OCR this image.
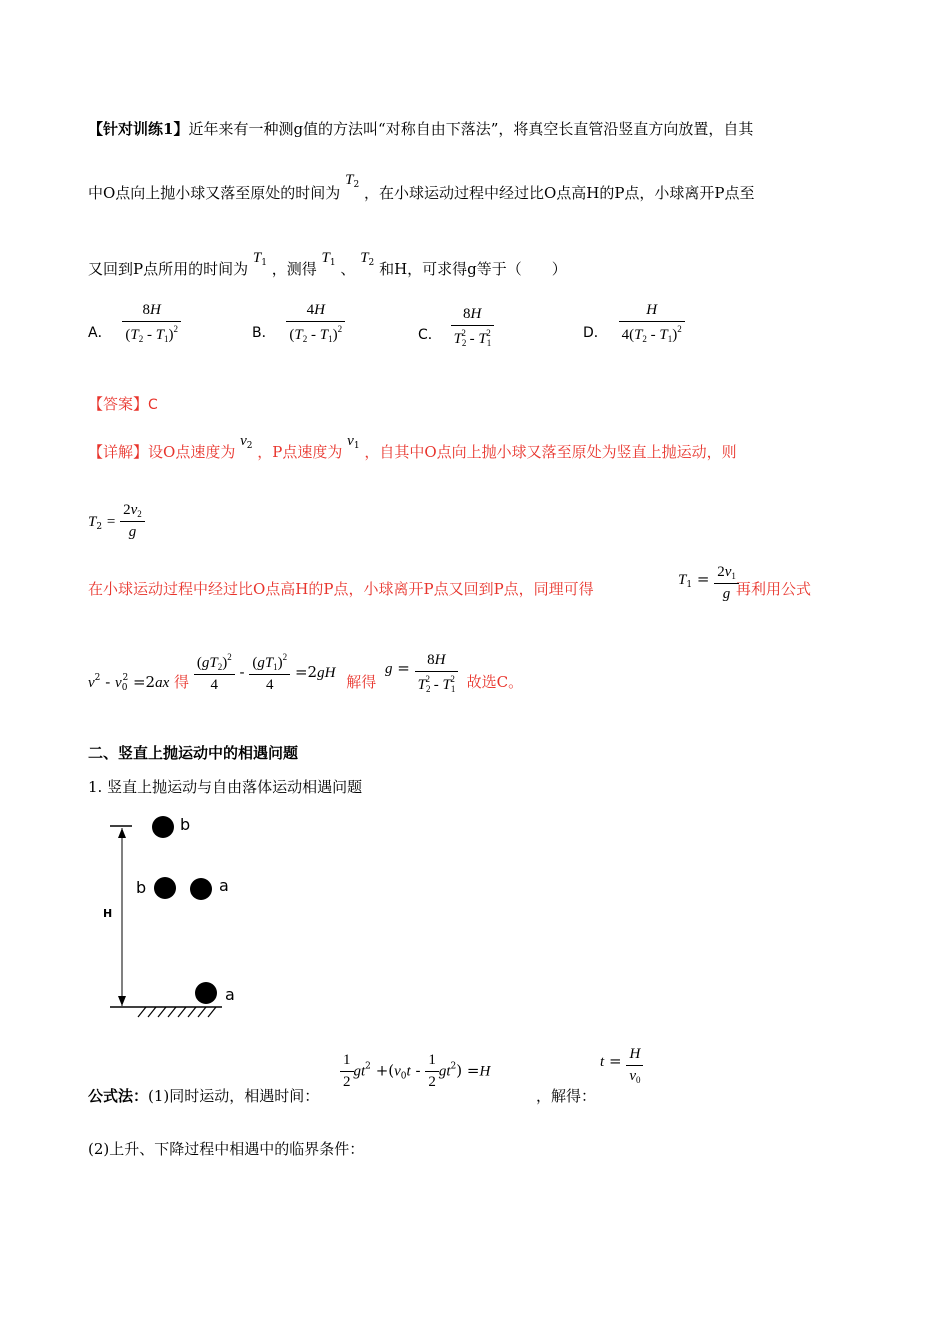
【针对训练1】近年来有一种测g值的方法叫“对称自由下落法”，将真空长直管沿竖直方向放置，自其
中O点向上抛小球又落至原处的时间为 $T_2$ ，在小球运动过程中经过比O点高H的P点，小球离开P点至
又回到P点所用的时间为 $T_1$ ，测得 $T_1$ 、 $T_2$ 和H，可求得g等于（　　）
A． $\frac{8H}{(T_2 - T_1)^2}$	B． $\frac{4H}{(T_2 - T_1)^2}$	C． $\frac{8H}{T_2^2 - T_1^2}$	D． $\frac{H}{4(T_2 - T_1)^2}$
【答案】C
【详解】设O点速度为 $v_2$ ，P点速度为 $v_1$ ，自其中O点向上抛小球又落至原处为竖直上抛运动，则
$T_2 = \frac{2v_2}{g}$
在小球运动过程中经过比O点高H的P点，小球离开P点又回到P点，同理可得
$T_1 = \frac{2v_1}{g}$
再利用公式
$v^2 - v_0^2 =2ax$ 得 $\frac{(gT_2)^2}{4} - \frac{(gT_1)^2}{4} =2gH$ 解得 $g = \frac{8H}{T_2^2 - T_1^2}$ 故选C。
二、竖直上抛运动中的相遇问题
1. 竖直上抛运动与自由落体运动相遇问题
H
b
b	a
a
公式法：(1)同时运动，相遇时间：
$\frac{1}{2} gt^2 +(v_0t - \frac{1}{2} gt^2) =H$
，解得：
$t = \frac{H}{v_0}$
(2)上升、下降过程中相遇中的临界条件：
